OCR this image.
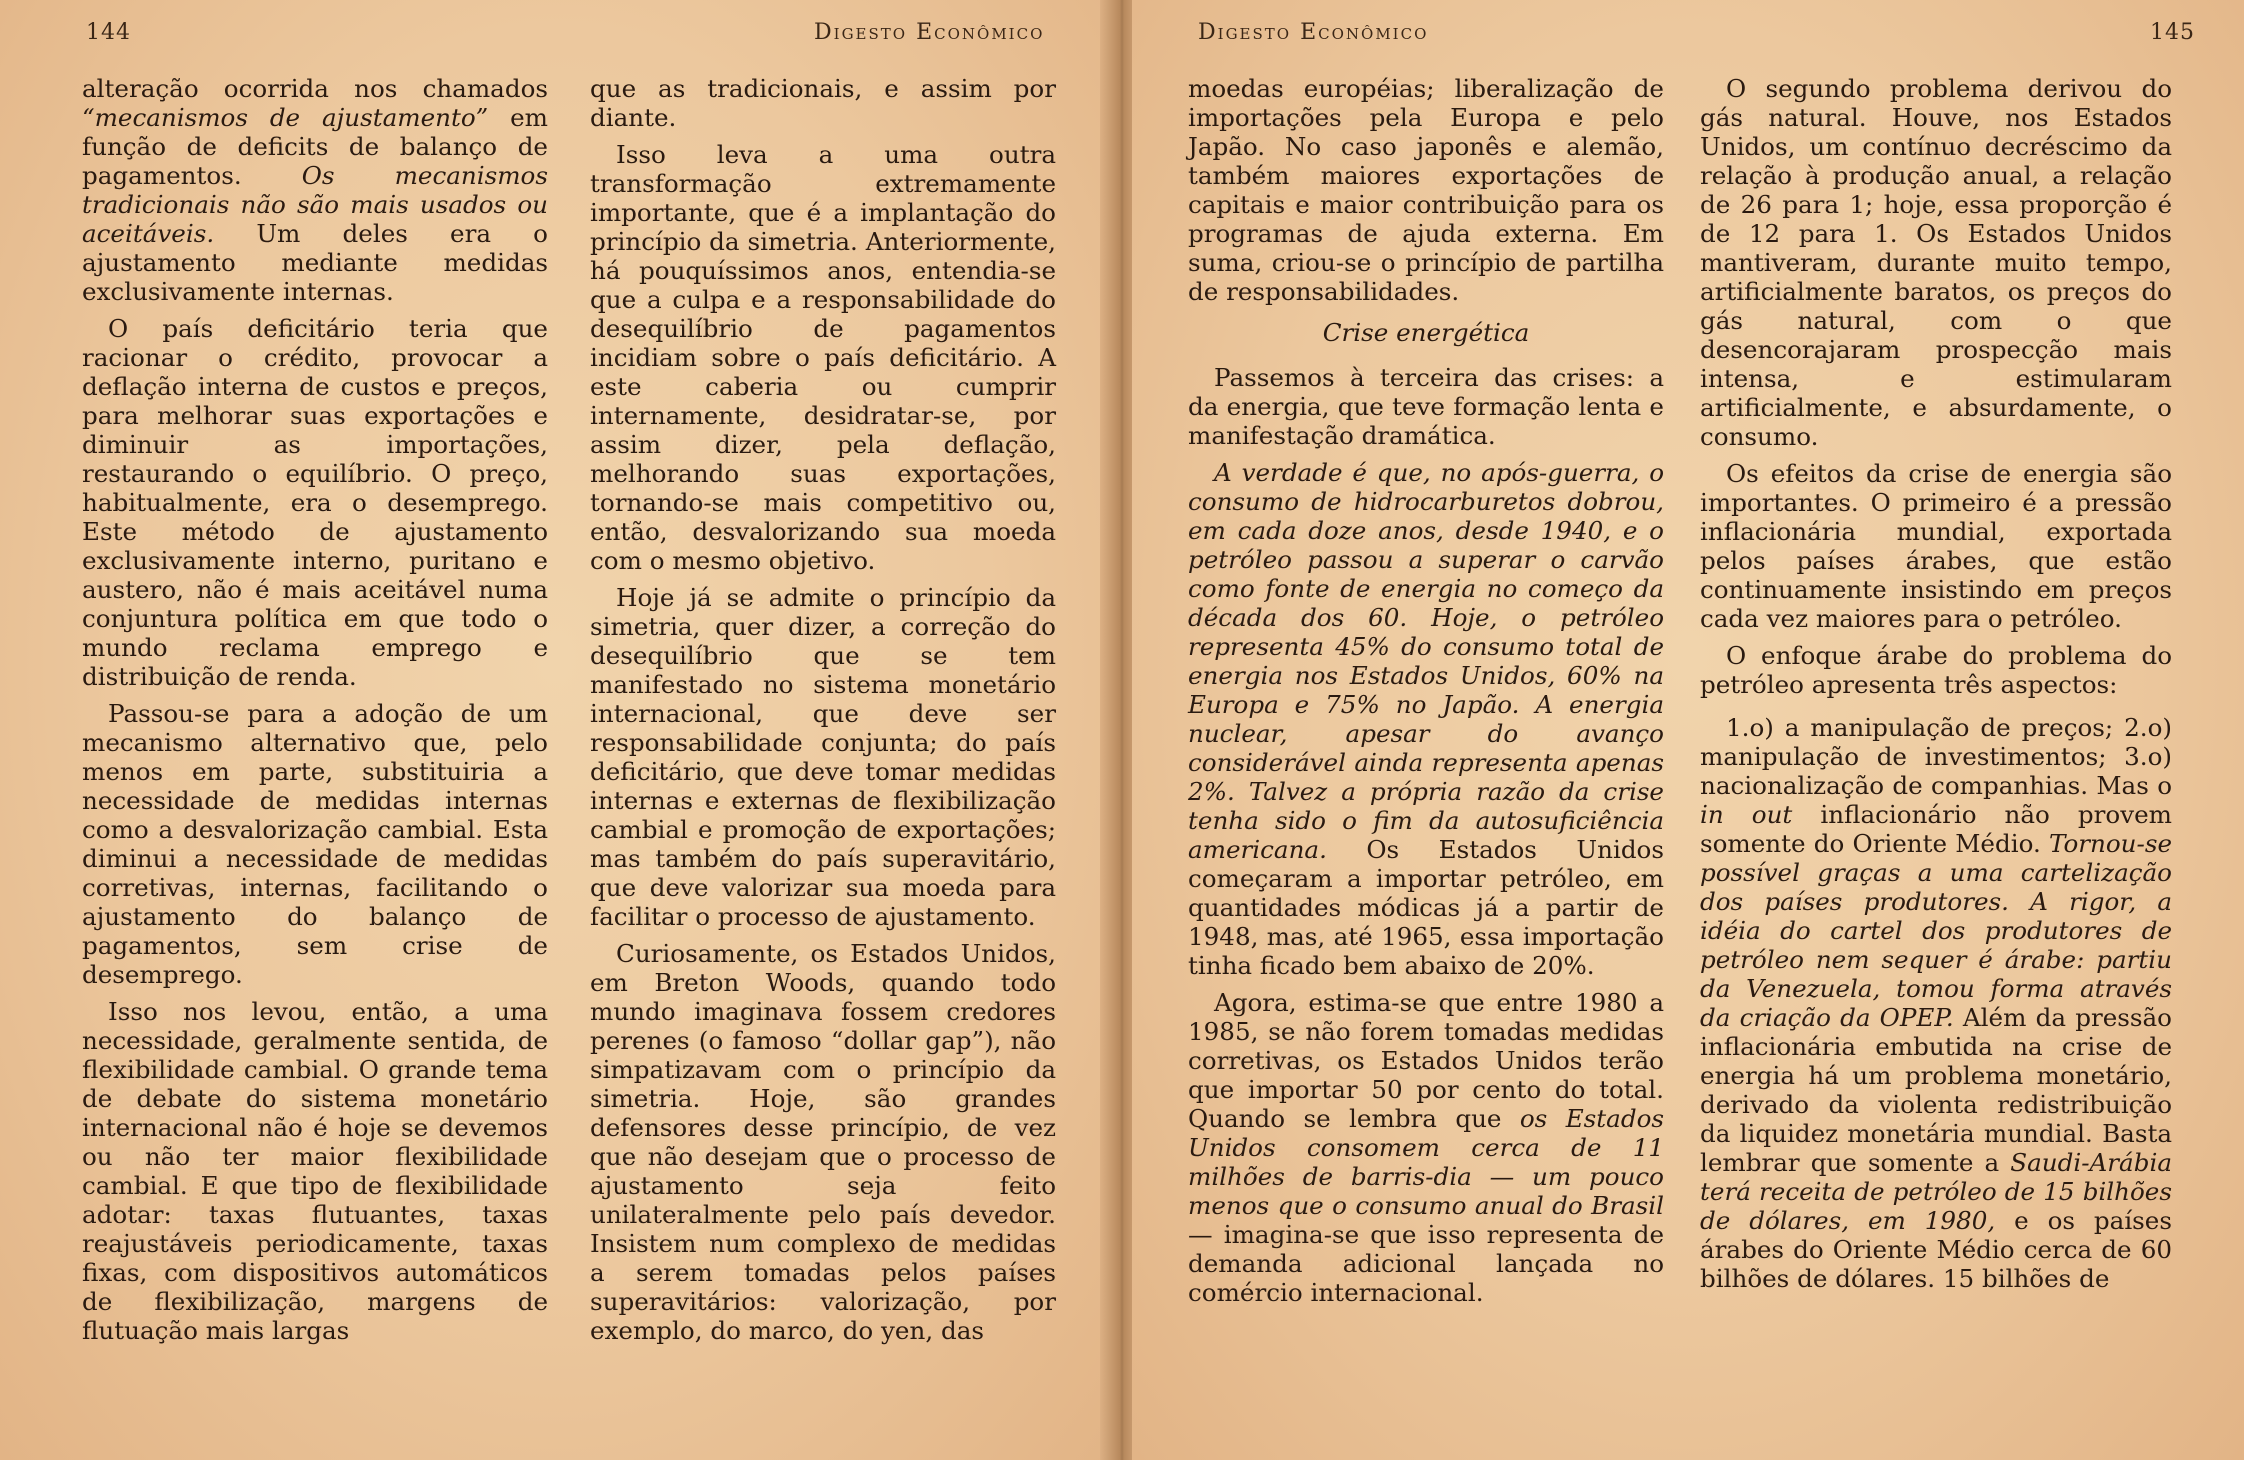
144	Digesto Econômico

alteração ocorrida nos chamados “mecanismos de ajustamento” em função de deficits de balanço de pagamentos. Os mecanismos tradicionais não são mais usados ou aceitáveis. Um deles era o ajustamento mediante medidas exclusivamente internas.

O país deficitário teria que racionar o crédito, provocar a deflação interna de custos e preços, para melhorar suas exportações e diminuir as importações, restaurando o equilíbrio. O preço, habitualmente, era o desemprego. Este método de ajustamento exclusivamente interno, puritano e austero, não é mais aceitável numa conjuntura política em que todo o mundo reclama emprego e distribuição de renda.

Passou-se para a adoção de um mecanismo alternativo que, pelo menos em parte, substituiria a necessidade de medidas internas como a desvalorização cambial. Esta diminui a necessidade de medidas corretivas, internas, facilitando o ajustamento do balanço de pagamentos, sem crise de desemprego.

Isso nos levou, então, a uma necessidade, geralmente sentida, de flexibilidade cambial. O grande tema de debate do sistema monetário internacional não é hoje se devemos ou não ter maior flexibilidade cambial. E que tipo de flexibilidade adotar: taxas flutuantes, taxas reajustáveis periodicamente, taxas fixas, com dispositivos automáticos de flexibilização, margens de flutuação mais largas

que as tradicionais, e assim por diante.

Isso leva a uma outra transformação extremamente importante, que é a implantação do princípio da simetria. Anteriormente, há pouquíssimos anos, entendia-se que a culpa e a responsabilidade do desequilíbrio de pagamentos incidiam sobre o país deficitário. A este caberia ou cumprir internamente, desidratar-se, por assim dizer, pela deflação, melhorando suas exportações, tornando-se mais competitivo ou, então, desvalorizando sua moeda com o mesmo objetivo.

Hoje já se admite o princípio da simetria, quer dizer, a correção do desequilíbrio que se tem manifestado no sistema monetário internacional, que deve ser responsabilidade conjunta; do país deficitário, que deve tomar medidas internas e externas de flexibilização cambial e promoção de exportações; mas também do país superavitário, que deve valorizar sua moeda para facilitar o processo de ajustamento.

Curiosamente, os Estados Unidos, em Breton Woods, quando todo mundo imaginava fossem credores perenes (o famoso “dollar gap”), não simpatizavam com o princípio da simetria. Hoje, são grandes defensores desse princípio, de vez que não desejam que o processo de ajustamento seja feito unilateralmente pelo país devedor. Insistem num complexo de medidas a serem tomadas pelos países superavitários: valorização, por exemplo, do marco, do yen, das

Digesto Econômico	145

moedas européias; liberalização de importações pela Europa e pelo Japão. No caso japonês e alemão, também maiores exportações de capitais e maior contribuição para os programas de ajuda externa. Em suma, criou-se o princípio de partilha de responsabilidades.

Crise energética

Passemos à terceira das crises: a da energia, que teve formação lenta e manifestação dramática.

A verdade é que, no após-guerra, o consumo de hidrocarburetos dobrou, em cada doze anos, desde 1940, e o petróleo passou a superar o carvão como fonte de energia no começo da década dos 60. Hoje, o petróleo representa 45% do consumo total de energia nos Estados Unidos, 60% na Europa e 75% no Japão. A energia nuclear, apesar do avanço considerável ainda representa apenas 2%. Talvez a própria razão da crise tenha sido o fim da autosuficiência americana. Os Estados Unidos começaram a importar petróleo, em quantidades módicas já a partir de 1948, mas, até 1965, essa importação tinha ficado bem abaixo de 20%.

Agora, estima-se que entre 1980 a 1985, se não forem tomadas medidas corretivas, os Estados Unidos terão que importar 50 por cento do total. Quando se lembra que os Estados Unidos consomem cerca de 11 milhões de barris-dia — um pouco menos que o consumo anual do Brasil — imagina-se que isso representa de demanda adicional lançada no comércio internacional.

O segundo problema derivou do gás natural. Houve, nos Estados Unidos, um contínuo decréscimo da relação à produção anual, a relação de 26 para 1; hoje, essa proporção é de 12 para 1. Os Estados Unidos mantiveram, durante muito tempo, artificialmente baratos, os preços do gás natural, com o que desencorajaram prospecção mais intensa, e estimularam artificialmente, e absurdamente, o consumo.

Os efeitos da crise de energia são importantes. O primeiro é a pressão inflacionária mundial, exportada pelos países árabes, que estão continuamente insistindo em preços cada vez maiores para o petróleo.

O enfoque árabe do problema do petróleo apresenta três aspectos:

1.o) a manipulação de preços; 2.o) manipulação de investimentos; 3.o) nacionalização de companhias. Mas o in out inflacionário não provem somente do Oriente Médio. Tornou-se possível graças a uma cartelização dos países produtores. A rigor, a idéia do cartel dos produtores de petróleo nem sequer é árabe: partiu da Venezuela, tomou forma através da criação da OPEP. Além da pressão inflacionária embutida na crise de energia há um problema monetário, derivado da violenta redistribuição da liquidez monetária mundial. Basta lembrar que somente a Saudi-Arábia terá receita de petróleo de 15 bilhões de dólares, em 1980, e os países árabes do Oriente Médio cerca de 60 bilhões de dólares. 15 bilhões de
